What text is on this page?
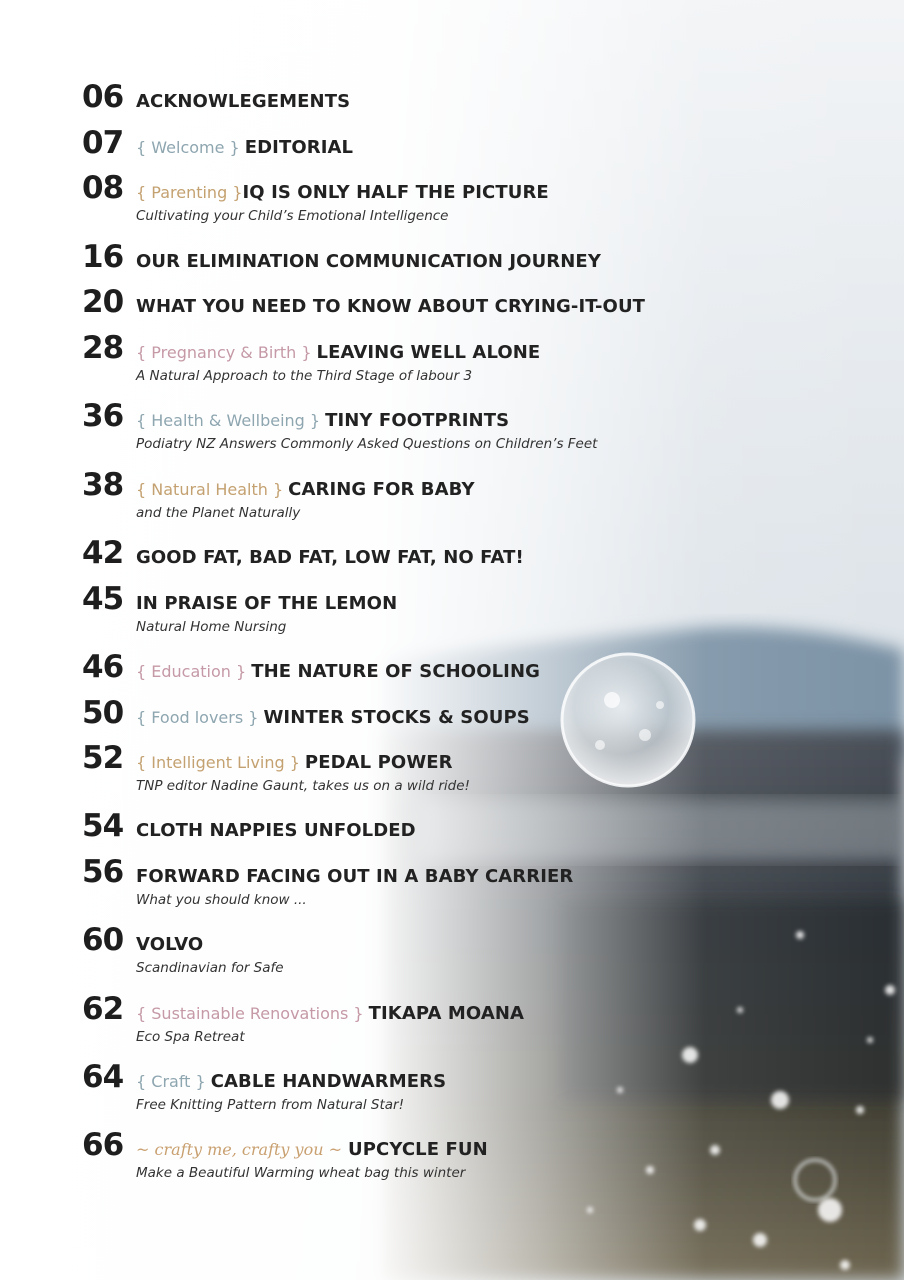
06 ACKNOWLEGEMENTS
07 { Welcome } EDITORIAL
08 { Parenting } IQ IS ONLY HALF THE PICTURE
Cultivating your Child’s Emotional Intelligence
16 OUR ELIMINATION COMMUNICATION JOURNEY
20 WHAT YOU NEED TO KNOW ABOUT CRYING-IT-OUT
28 { Pregnancy & Birth } LEAVING WELL ALONE
A Natural Approach to the Third Stage of labour 3
36 { Health & Wellbeing } TINY FOOTPRINTS
Podiatry NZ Answers Commonly Asked Questions on Children’s Feet
38 { Natural Health } CARING FOR BABY
and the Planet Naturally
42 GOOD FAT, BAD FAT, LOW FAT, NO FAT!
45 IN PRAISE OF THE LEMON
Natural Home Nursing
46 { Education } THE NATURE OF SCHOOLING
50 { Food lovers } WINTER STOCKS & SOUPS
52 { Intelligent Living } PEDAL POWER
TNP editor Nadine Gaunt, takes us on a wild ride!
54 CLOTH NAPPIES UNFOLDED
56 FORWARD FACING OUT IN A BABY CARRIER
What you should know ...
60 VOLVO
Scandinavian for Safe
62 { Sustainable Renovations } TIKAPA MOANA
Eco Spa Retreat
64 { Craft } CABLE HANDWARMERS
Free Knitting Pattern from Natural Star!
66 ~ crafty me, crafty you ~ UPCYCLE FUN
Make a Beautiful Warming wheat bag this winter
